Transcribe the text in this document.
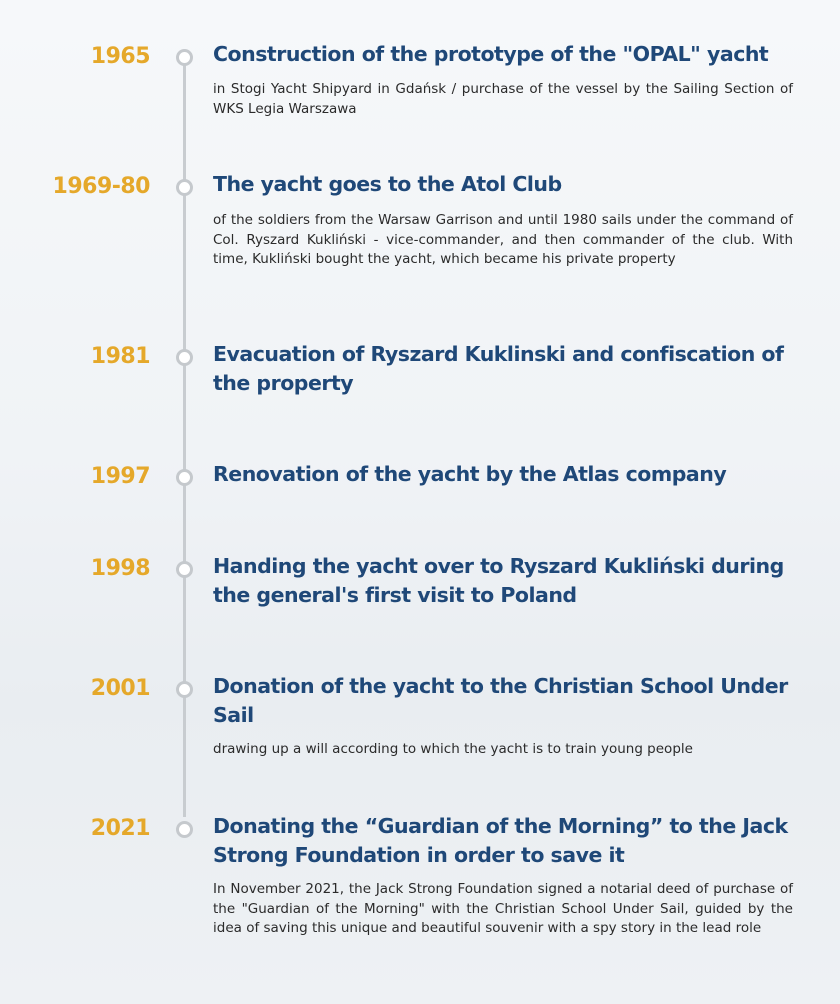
1965	Construction of the prototype of the "OPAL" yacht

in Stogi Yacht Shipyard in Gdańsk / purchase of the vessel by the Sailing Section of WKS Legia Warszawa

1969-80	The yacht goes to the Atol Club

of the soldiers from the Warsaw Garrison and until 1980 sails under the command of Col. Ryszard Kukliński - vice-commander, and then commander of the club. With time, Kukliński bought the yacht, which became his private property

1981	Evacuation of Ryszard Kuklinski and confiscation of the property
1997	Renovation of the yacht by the Atlas company
1998	Handing the yacht over to Ryszard Kukliński during the general's first visit to Poland
2001	Donation of the yacht to the Christian School Under Sail

drawing up a will according to which the yacht is to train young people

2021	Donating the “Guardian of the Morning” to the Jack Strong Foundation in order to save it

In November 2021, the Jack Strong Foundation signed a notarial deed of purchase of the "Guardian of the Morning" with the Christian School Under Sail, guided by the idea of saving this unique and beautiful souvenir with a spy story in the lead role
